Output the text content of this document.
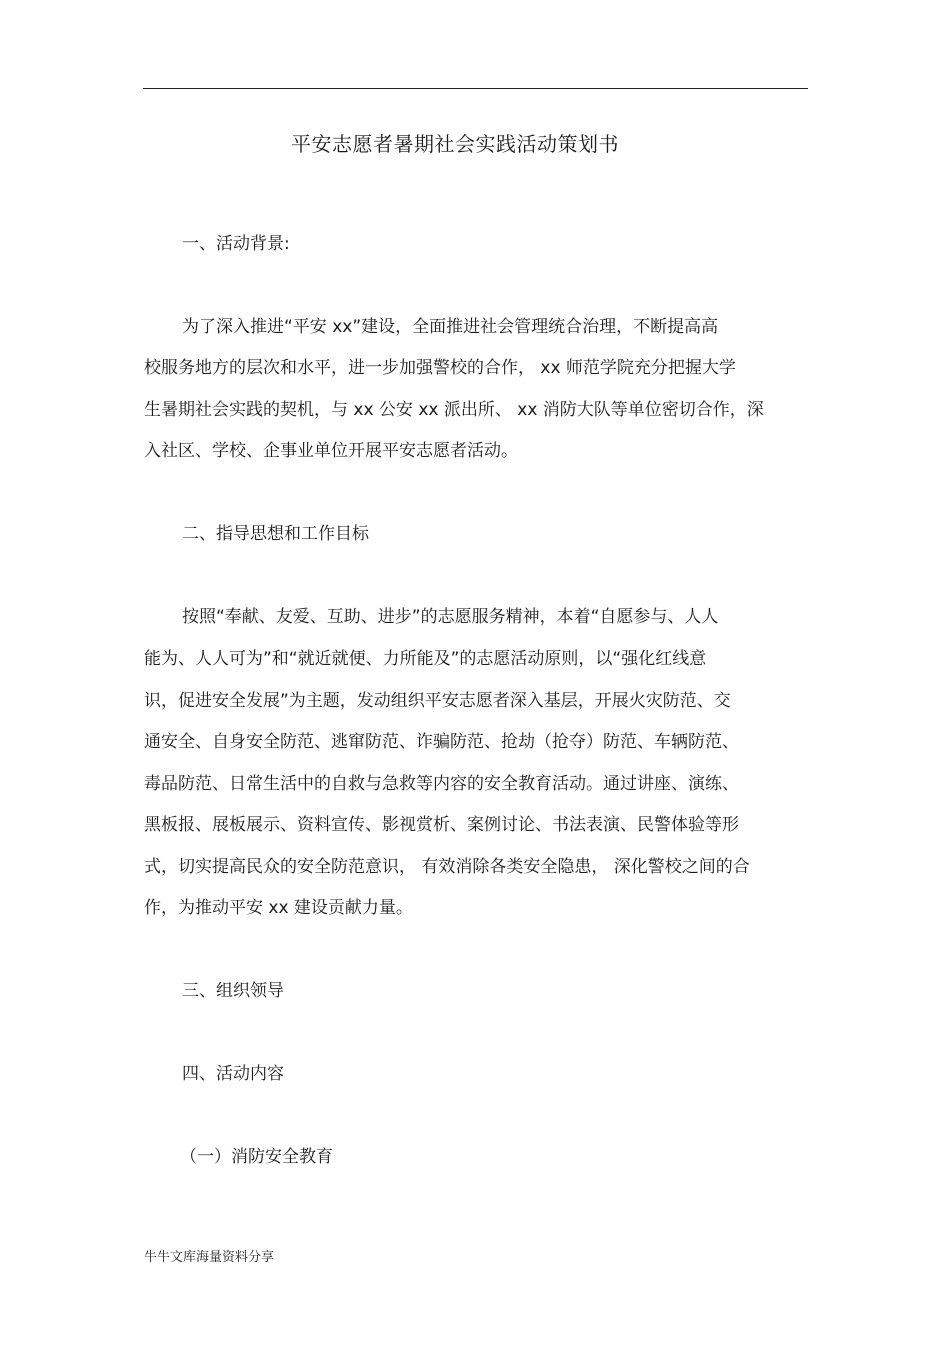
平安志愿者暑期社会实践活动策划书
一、活动背景:
为了深入推进“平安 xx”建设，全面推进社会管理统合治理，不断提高高
校服务地方的层次和水平，进一步加强警校的合作， xx 师范学院充分把握大学
生暑期社会实践的契机，与 xx 公安 xx 派出所、 xx 消防大队等单位密切合作，深
入社区、学校、企事业单位开展平安志愿者活动。
二、指导思想和工作目标
按照“奉献、友爱、互助、进步”的志愿服务精神，本着“自愿参与、人人
能为、人人可为”和“就近就便、力所能及”的志愿活动原则，以“强化红线意
识，促进安全发展”为主题，发动组织平安志愿者深入基层，开展火灾防范、交
通安全、自身安全防范、逃窜防范、诈骗防范、抢劫（抢夺）防范、车辆防范、
毒品防范、日常生活中的自救与急救等内容的安全教育活动。通过讲座、演练、
黑板报、展板展示、资料宣传、影视赏析、案例讨论、书法表演、民警体验等形
式，切实提高民众的安全防范意识， 有效消除各类安全隐患， 深化警校之间的合
作，为推动平安 xx 建设贡献力量。
三、组织领导
四、活动内容
（一）消防安全教育
牛牛文库海量资料分享
